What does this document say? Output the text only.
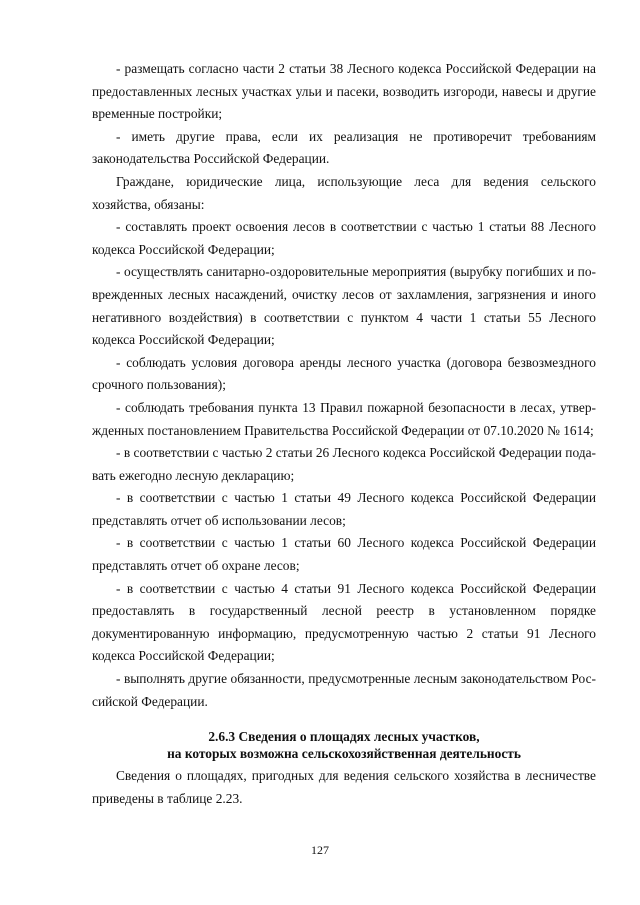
- размещать согласно части 2 статьи 38 Лесного кодекса Российской Федерации на предоставленных лесных участках ульи и пасеки, возводить изгороди, навесы и другие временные постройки;

- иметь другие права, если их реализация не противоречит требованиям законодательства Российской Федерации.

Граждане, юридические лица, использующие леса для ведения сельского хозяйства, обязаны:

- составлять проект освоения лесов в соответствии с частью 1 статьи 88 Лесного кодекса Российской Федерации;

- осуществлять санитарно-оздоровительные мероприятия (вырубку погибших и поврежденных лесных насаждений, очистку лесов от захламления, загрязнения и иного негативного воздействия) в соответствии с пунктом 4 части 1 статьи 55 Лесного кодекса Российской Федерации;

- соблюдать условия договора аренды лесного участка (договора безвозмездного срочного пользования);

- соблюдать требования пункта 13 Правил пожарной безопасности в лесах, утвержденных постановлением Правительства Российской Федерации от 07.10.2020 № 1614;

- в соответствии с частью 2 статьи 26 Лесного кодекса Российской Федерации подавать ежегодно лесную декларацию;

- в соответствии с частью 1 статьи 49 Лесного кодекса Российской Федерации представлять отчет об использовании лесов;

- в соответствии с частью 1 статьи 60 Лесного кодекса Российской Федерации представлять отчет об охране лесов;

- в соответствии с частью 4 статьи 91 Лесного кодекса Российской Федерации предоставлять в государственный лесной реестр в установленном порядке документированную информацию, предусмотренную частью 2 статьи 91 Лесного кодекса Российской Федерации;

- выполнять другие обязанности, предусмотренные лесным законодательством Российской Федерации.

2.6.3 Сведения о площадях лесных участков,
на которых возможна сельскохозяйственная деятельность

Сведения о площадях, пригодных для ведения сельского хозяйства в лесничестве приведены в таблице 2.23.

127
